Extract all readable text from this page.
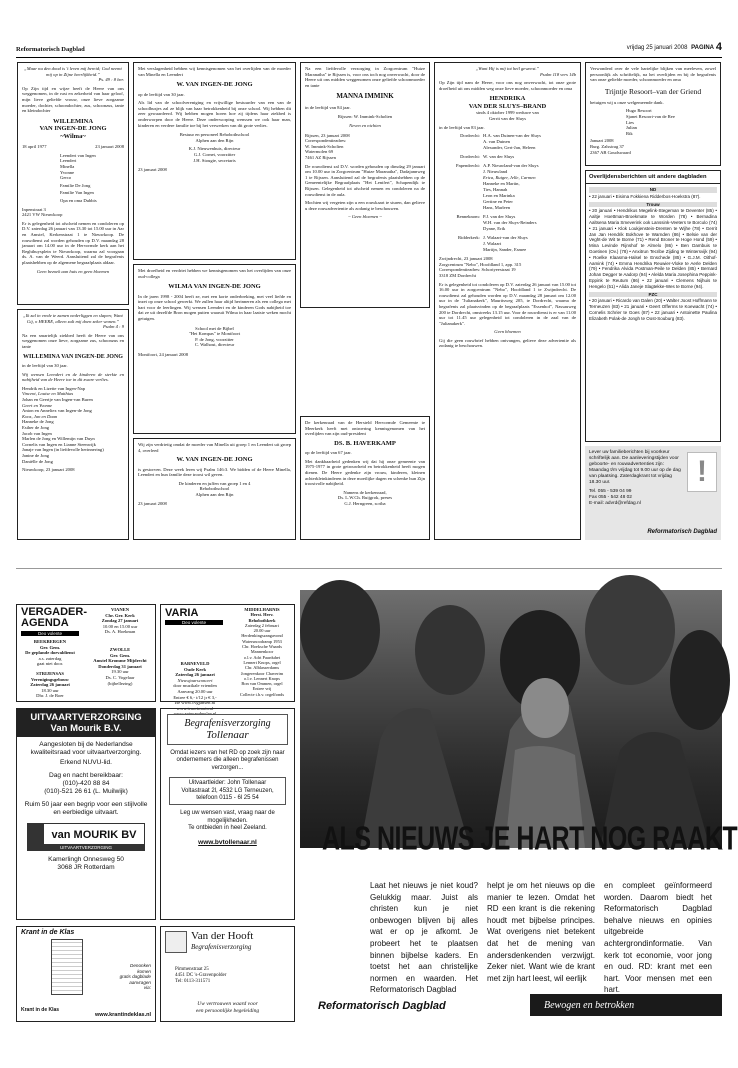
Reformatorisch Dagblad	vrijdag 25 januari 2008 PAGINA 4
„Maar nu den dood is 't leven mij bereid; God neemt mij op in Zijne heerlijkheid.”
Ps. 49 : 8 ber.
Op Zijn tijd en wijze heeft de Heere van ons weggenomen, in de rust en zekerheid van haar geloof, mijn lieve geliefde vrouw, onze lieve zorgzame moeder, dochter, schoondochter, zus, schoonzus, tante en kleindochter
WILLEMINA
VAN INGEN-DE JONG
~Wilma~
18 april 1977	23 januari 2008
Leendert van Ingen
Leendert
Minella
Yvonne
Gerco
Familie De Jong
Familie Van Ingen
Opa en oma Dubbis
Inpenstraat 3
2421 VW Nieuwkoop
Er is gelegenheid tot afscheid nemen en condoleren op D.V. zaterdag 26 januari van 13.30 tot 15.00 uur in Aar en Amstel, Kerkenstraat 1 te Nieuwkoop. De rouwdienst zal worden gehouden op D.V. maandag 28 januari om 14.00 uur in de Hervormde kerk aan het Reghthuysplein te Nieuwkoop, waarna zal voorgaan ds. A. van de Weerd. Aansluitend zal de begrafenis plaatshebben op de algemene begraafplaats aldaar.
Geen bezoek aan huis en geen bloemen
„Ik zal in vrede te zamen nederliggen en slapen; Want Gij, o HEERE, alleen zult mij doen zeker wonen.”
Psalm 4 : 9
Na een smartelijk ziekbed heeft de Heere van ons weggenomen onze lieve, zorgzame zus, schoonzus en tante
WILLEMINA VAN INGEN-DE JONG
in de leeftijd van 30 jaar.
Wij wensen Leendert en de kinderen de sterkte en nabijheid van de Heere toe in dit zware verlies.
Hendrik en Lizette van Ingen-Nap
Vincent, Louise en Matthias
Johan en Geertje van Ingen-van Buren
Geert en Yvonne
Anton en Anneliex van Ingen-de Jong
Koos, Jan en Daan
Hanneke de Jong
Esther de Jong
Jacob van Ingen
Marlen de Jong en Willemijn van Duyn
Cornelis van Ingen en Lianne Steenwijk
Janaje van Ingen (in liefdevolle herinnering)
Janine de Jong
Daniëlle de Jong
Nieuwkoop, 23 januari 2008
Met verslagenheid hebben wij kennisgenomen van het overlijden van de moeder van Minella en Leendert
W. VAN INGEN-DE JONG
op de leeftijd van 30 jaar.
Als lid van de schoolvereniging en vrijwillige bestuurder van een van de schoolbusjes zal ze blijk van haar betrokkenheid bij onze school. Wij hebben dit zeer gewaardeerd. Wij hebben mogen horen hoe zij tijdens haar ziekbed is onderworpen door de Heere. Deze onderworping wenssen we ook haar man, kinderen en verdere familie toe bij het verwerken van dit grote verlies.
Bestuur en personeel Rehobothschool
Alphen aan den Rijn
K.J. Nieuwenhuis, directeur
G.J. Cornet, voorzitter
J.H. Stougie, secretaris
23 januari 2008
Met droefheid en verdriet hebben we kennisgenomen van het overlijden van onze oud-collega
WILMA VAN INGEN-DE JONG
In de jaren 1998 - 2004 heeft ze, met een korte onderbreking, met veel liefde en inzet op onze school gewerkt. We zullen haar altijd herinneren als een collega met hart voor de leerlingen. Wij wensen Leendert en de kinderen Gods nabijheid toe dat ze uit dezelfde Bron mogen putten waaruit Wilma in haar laatste weken mocht getuigen.
School met de Bijbel
"Het Kompas" te Montfoort
P. de Jong, voorzitter
C. Walhout, directeur
Montfoort, 24 januari 2008
Wij zijn verdrietig omdat de moeder van Minella uit groep 1 en Leendert uit groep 4, overleed
W. VAN INGEN-DE JONG
is gestorven. Deze week leren wij Psalm 146:3. We bidden of de Heere Minella, Leendert en hun familie deze troost wil geven.
De kinderen en juffen van groep 1 en 4
Rehobothschool
Alphen aan den Rijn
23 januari 2008
Na een liefdevolle verzorging in Zorgcentrum "Huize Maranatha" te Rijssen is, voor ons toch nog onverwacht, door de Heere uit ons midden weggenomen onze geliefde schoonmoeder en tante
MANNA IMMINK
in de leeftijd van 84 jaar.
Rijssen: W. Immink-Scholten
Neven en nichten
Rijssen, 23 januari 2008
Correspondentieadres:
W. Immink-Scholten
Watermolen 69
7461 AZ Rijssen
De rouwdienst zal D.V. worden gehouden op dinsdag 29 januari om 10.00 uur in Zorgcentrum "Huize Maranatha", Dadajannweg 1 te Rijssen. Aansluitend zal de begrafenis plaatshebben op de Gemeentelijke Begraafplaats "Het Lentfert", Schapendijk te Rijssen. Gelegenheid tot afscheid nemen en condoleren na de rouwdienst in de aula.
Mochten wij vergeten zijn u een rouwkaart te sturen, dan gelieve u deze rouwadvertentie als zodanig te beschouwen.
~ Geen bloemen ~
De kerkenraad van de Hersteld Hervormde Gemeente te Meerkerk heeft met ontroering kennisgenomen van het overlijden van zijn oud-president
DS. B. HAVERKAMP
op de leeftijd van 67 jaar.
Met dankbaarheid gedenken wij dat hij onze gemeente van 1975-1977 in grote getrouwheid en betrokkenheid heeft mogen dienen. De Heere gedenke zijn vrouw, kinderen, kleinen achterkleinkinderen in deze moeilijke dagen en schenke hun Zijn troostvolle nabijheid.
Namens de kerkenraad,
Ds. L.W.Ch. Ruijgrok, preses
G.J. Herngreen, scriba
„Want Hij is mij tot heil geweest.”
Psalm 118 vers 14b
Op Zijn tijd nam de Heere, voor ons nog onverwacht, tot onze grote droefheid uit ons midden weg onze lieve moeder, schoonmoeder en oma
HENDRIKA
VAN DER SLUYS–BRAND
sinds 4 oktober 1999 weduwe van
Gerrit van der Sluys
in de leeftijd van 83 jaar.
Dordrecht: H.A. van Duinen-van der Sluys
A. van Duinen
Alexander, Gert-Jan, Heleen
Dordrecht: W. van der Sluys
Papendrecht: A.P. Nieuwland-van der Sluys
J. Nieuwland
Erica, Rutger, Jelle, Carmen
Hanneke en Martin,
Ties, Hannah
Leon en Marinka
Gertine en Peter
Hans, Marleen
Benneknom: P.J. van der Sluys
W.H. van der Sluys-Reinders
Dyane, Erik
Ridderkerk: J. Walaart-van der Sluys
J. Walaart
Martijn, Sander, Esmee
Zwijndrecht, 23 januari 2008
Zorgcentrum "Nebo", Hoofdland 1, app. 315
Correspondentieadres: Schoriyeestraat 19
3318 ZM Dordrecht
Er is gelegenheid tot condoleren op D.V. zaterdag 26 januari van 15.00 tot 16.00 uur in zorgcentrum "Nebo", Hoofdland 1 te Zwijndrecht. De rouwdienst zal gehouden worden op D.V. maandag 28 januari om 12.00 uur in de "Julianakerk", Mauritsweg 205, te Dordrecht, waarna de begrafenis zal plaatsvinden op de begraafplaats "Essenhof", Nassauweg 200 te Dordrecht, omstreeks 13.15 uur. Voor de rouwdienst is er van 11.00 uur tot 11.45 uur gelegenheid tot condoleren in de zaal van de "Julianakerk".
Geen bloemen
Gij die geen rouwbrief hebben ontvangen, gelieve deze advertentie als zodanig te beschouwen.
Verwonderd over de vele hartelijke blijken van meeleven, zowel persoonlijk als schriftelijk, na het overlijden en bij de begrafenis van onze geliefde moeder, schoonmoeder en oma
Trijntje Resoort–van der Griend
betuigen wij u onze welgemeende dank.
Hugo Resoort
Sjanet Resoort-van de Ree
Lies
Julian
Rik
Januari 2008
Burg. Zalsstrag 37
2367 AB Goudswaard
Overlijdensberichten uit andere dagbladen
ND
• 22 januari • Eisima Fokkiena Ridderbos-Hoekstra (87).
Trouw
• 20 januari • Hendrikus Megelink-Stegeman te Deventer (85) • Aaltje Hoettman-Broekmate te Worden (78) • Bernadina Aaltsena Maria Smeverink ook Lanssink-Veeters te Borculo (74) • 21 januari • Klok Loukjenstein-Drenten te Wijhe (78) • Gerrit Jan Jan Hendrik Bokhove te Warnden (86) • Belsie van der Veght-de Wit te Borne (71) • Rend Broner te Hoge Hond (59) • Mina Levinde Rijnshof te Almelo (86) • Ben Dambuis te Goetinen (Ov.) (78) • Anxitrun Tecribe Zijding te Wintersvijk (94) • Roelke Klaasma-Halsel te Enschede (85) • G.J.M. Oithof-Aamink (74) • Emma Hendrika Reuwier-Vloke te Aerle Delden (79) • Fendrika Alvida Postman-Peile te Delden (85) • Bernard Johan Degger te Aadorp (94) • Alelda Maria Josephina Peppink-Eppink te Reutum (86) • 22 januari • Clemens Nijhuis te Hengelo (51) • Alida Janeje Slagtekke-Wes te Borne (94).
PZC
• 20 januari • Ricardo van Dalen (20) • Walter Joost Hoffmann te Terneuzen (83) • 21 januari • Geert Offerms te Koewacht (74) • Cornelis Schrier te Goes (87) • 22 januari • Antoinette Paulina Elizabeth Polak-de Jongh te Oost-Souburg (83).
Lever uw familieberichten bij voorkeur schriftelijk aan. De aanleveringstijden voor geboorte- en rouwadvertenties zijn: Maandag t/m vrijdag tot 9.00 uur op de dag van plaatsing. Zaterdagkrant tot vrijdag 18.30 uur.
Tel. 055 - 539 04 99
Fax 055 - 542 48 02
E-mail: advrd@refdag.nl
!
Reformatorisch Dagblad
VERGADER-
AGENDA
Deo volente
BEEKBERGEN
Ger. Gem.
De geplande doevaldienst
a.s. zaterdag
gaat niet door.
STRIJENSAS
Verenigingsgebouw
Zaterdag 26 januari
18.30 uur
Dhr. J. de Boer
VIANEN
Chr. Ger. Kerk
Zondag 27 januari
10.00 en 15.00 uur
Ds. A. Hoekman
ZWOLLE
Ger. Gem.
Amstel Kromme Mijdrecht
Donderdag 31 januari
19.30 uur
Ds. C. Vogelaar
(bijbellezing)
VARIA
Deo volente
BARNEVELD
Oude Kerk
Zaterdag 26 januari
Nieuwjaarsconcert
door muzikale vrienden
Aanvang 20.00 uur
Entree € 6,- t/12 jr € 3,-
zie www.cvgjansen.nl
www.tenorimaria.nl
www.antexanderslav.nl
MIDDELHARNIS
Herst. Herv.
Rehobothkerk
Zaterdag 2 februari
20.00 uur
Herdenkingszangavond
Watersnoodramp 1953
Chr. Hoeksche Waards
Mannenkoor
o.l.v. Adri Paarduhet
Lennert Knops, orgel
Chr. Alblasserdams
Jongerenkoor Chaverim
o.l.v. Lennert Knops
Bon van Ommen, orgel
Entree vrij
Collecte t.b.v. orgelfonds
UITVAARTVERZORGING
Van Mourik B.V.
Aangesloten bij de Nederlandse kwaliteitsraad voor uitvaartverzorging.
Erkend NUVU-lid.
Dag en nacht bereikbaar:
(010)-420 88 84
(010)-521 26 61 (L. Muilwijk)
Ruim 50 jaar een begrip voor een stijlvolle en eerbiedige uitvaart.
van MOURIK BV
UITVAARTVERZORGING
Kamerlingh Onnesweg 50
3068 JR Rotterdam
Begrafenisverzorging
Tollenaar
Omdat iezers van het RD op zoek zijn naar ondernemers die alleen begrafenissen verzorgen...
Uitvaartleider: John Tollenaar
Voltastraat 2l, 4532 LG Terneuzen,
telefoon 0115 - 6l 25 54
Leg uw wensen vast, vraag naar de mogelijkheden.
Te ontbieden in heel Zeeland.
www.bvtollenaar.nl
Krant in de Klas
Denonken
komen
gratis dagblade
aanvragen
via:
Krant in de Klas
www.krantindeklas.nl
Van der Hooft
Begrafenisverzorging
Pimmenstraat 25
4451 DC 's-Gravenpolder
Tel: 0113-311571
Uw vertrouwen waard voor
een persoonlijke begeleiding
ALS NIEUWS JE HART NOG RAAKT
Laat het nieuws je niet koud? Gelukkig maar. Juist als christen kun je niet onbewogen blijven bij alles wat er op je afkomt. Je probeert het te plaatsen binnen bijbelse kaders. En toetst het aan christelijke normen en waarden. Het Reformatorisch Dagblad
helpt je om het nieuws op die manier te lezen. Omdat het RD een krant is die rekening houdt met bijbelse principes. Wat overigens niet betekent dat het de mening van andersdenkenden verzwijgt. Zeker niet. Want wie de krant met zijn hart leest, wil eerlijk
en compleet geïnformeerd worden. Daarom biedt het Reformatorisch Dagblad behalve nieuws en opinies uitgebreide achtergrondinformatie. Van kerk tot economie, voor jong en oud. RD: krant met een hart. Voor mensen met een hart.
Reformatorisch Dagblad	Bewogen en betrokken
